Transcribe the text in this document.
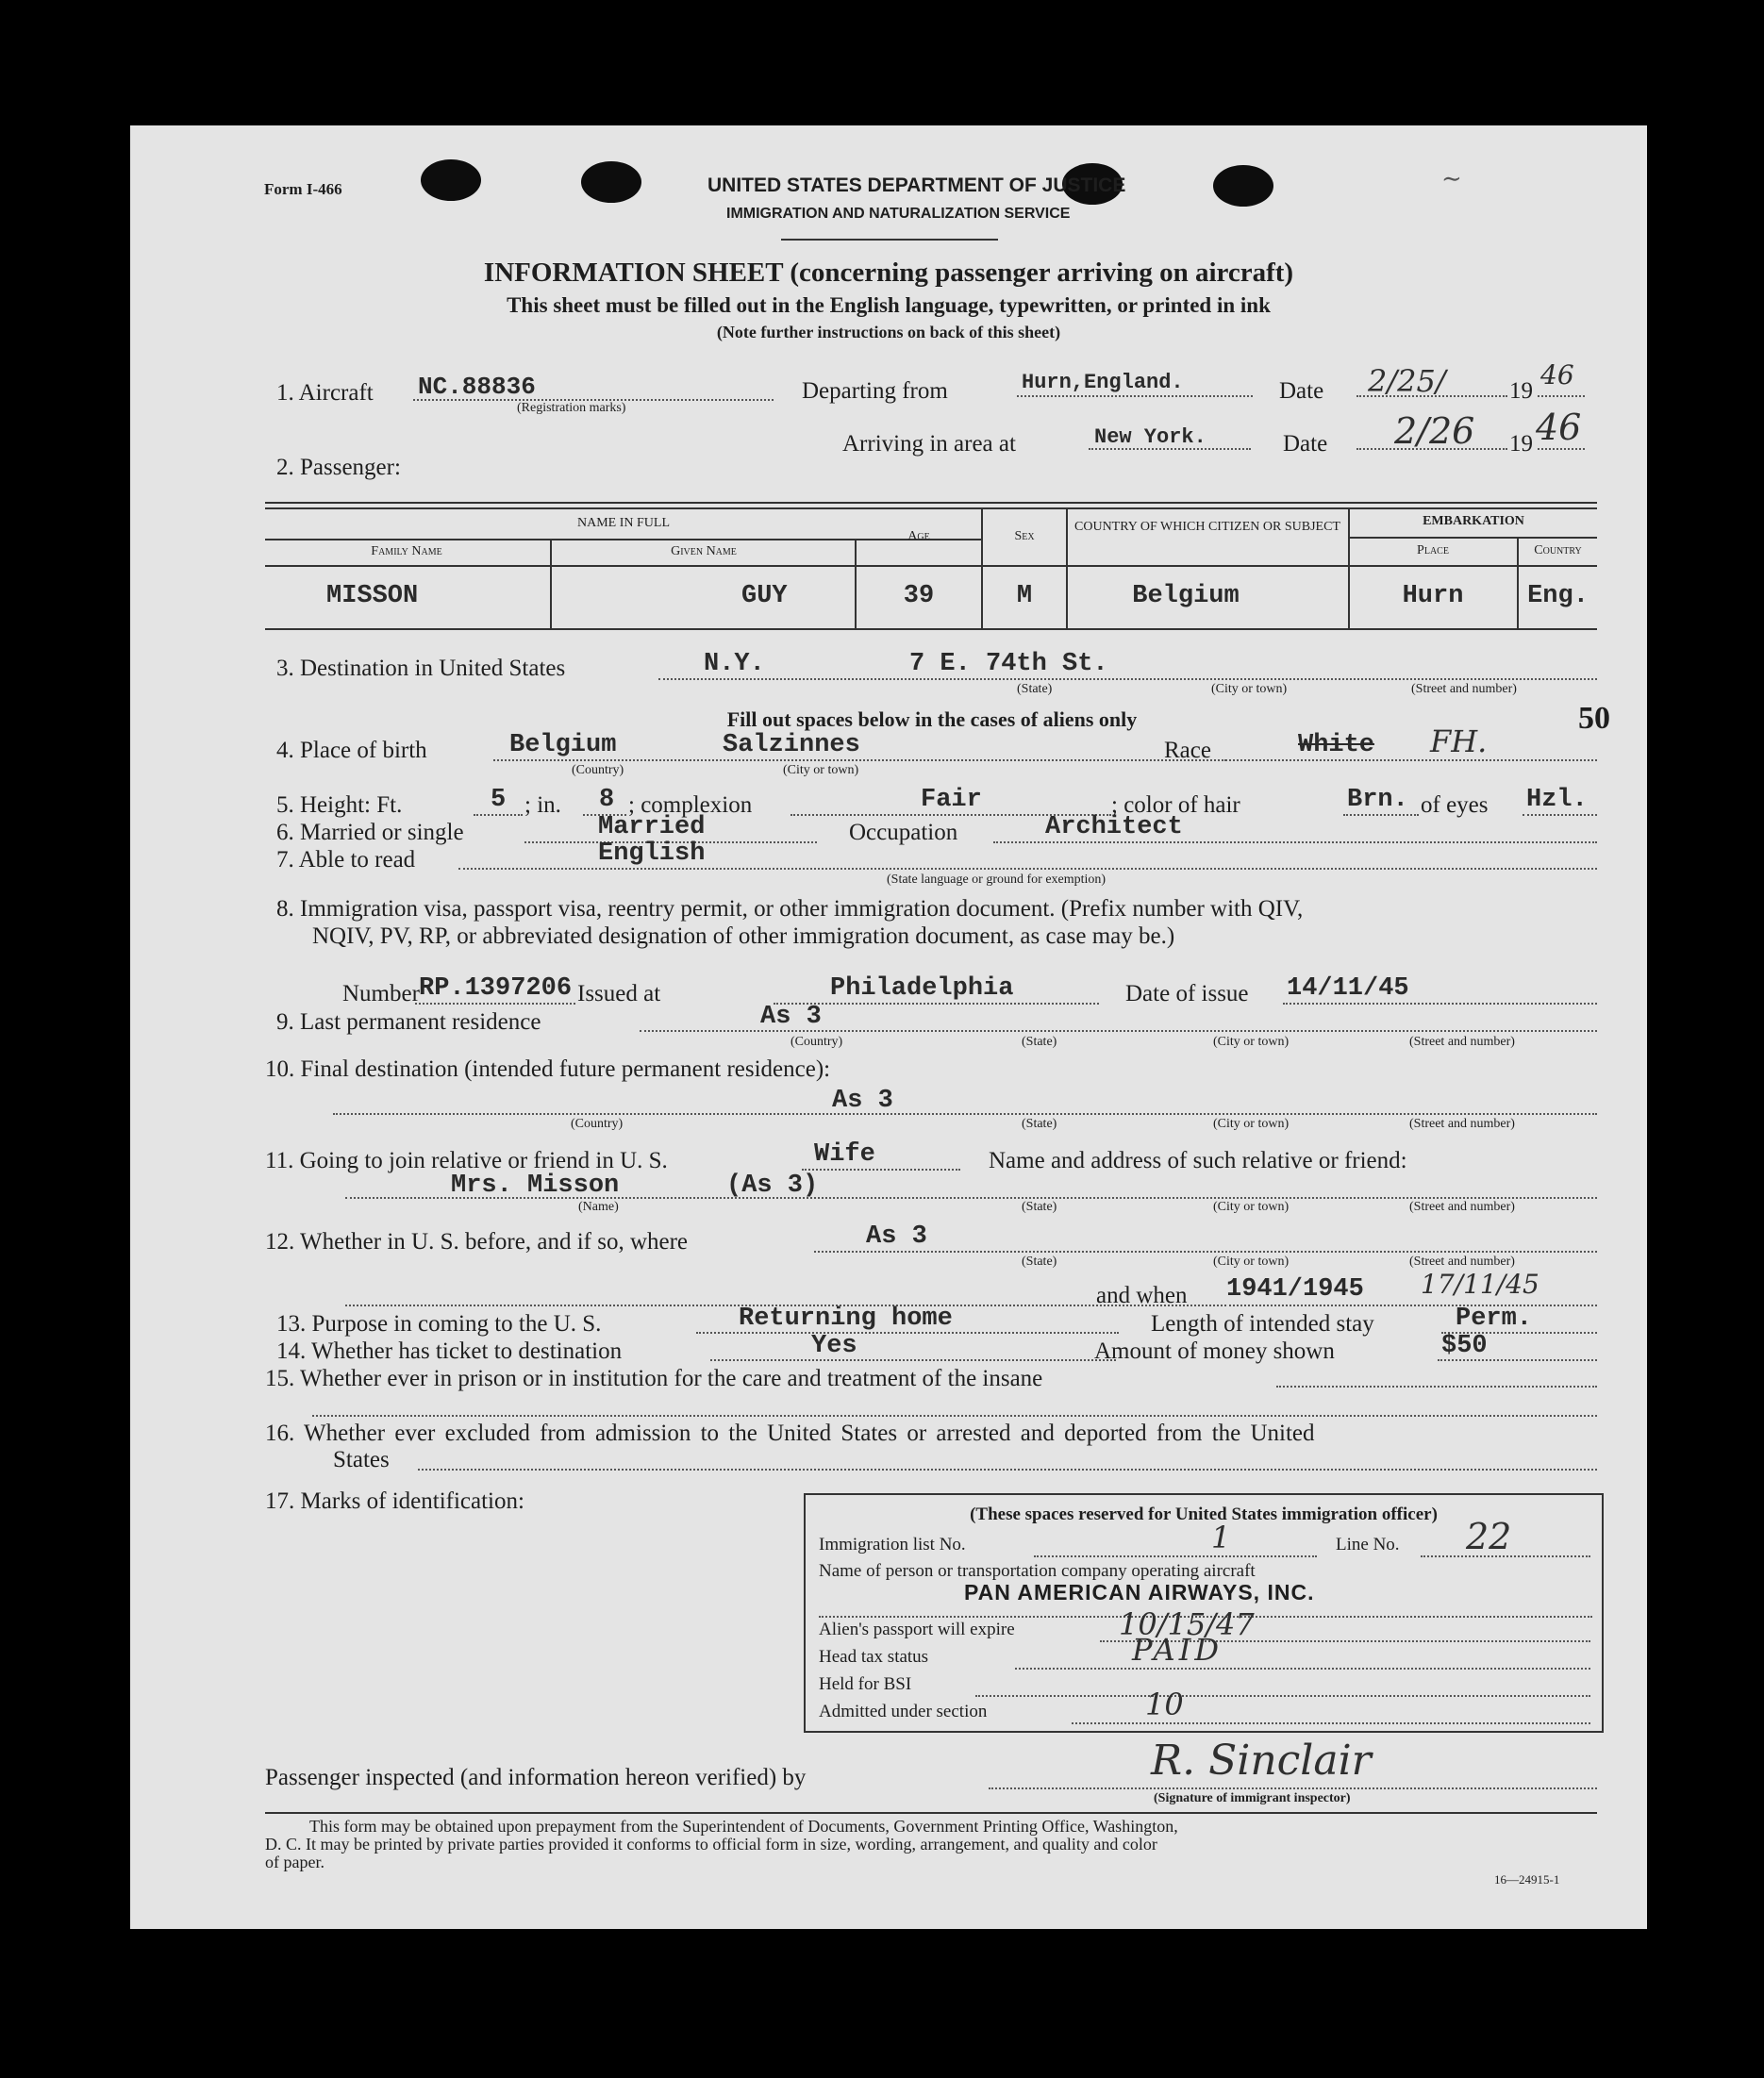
Form I-466	UNITED STATES DEPARTMENT OF JUSTICE
IMMIGRATION AND NATURALIZATION SERVICE
∼
INFORMATION SHEET (concerning passenger arriving on aircraft)
This sheet must be filled out in the English language, typewritten, or printed in ink
(Note further instructions on back of this sheet)
50
1. Aircraft NC.88836
(Registration marks)
Departing from	Hurn,England.	Date 2/25/	19
46
Arriving in area at	New York.	Date 2/26 19 46
2. Passenger:
NAME IN FULL
Family Name	Given Name
Age	Sex
COUNTRY OF WHICH CITIZEN OR SUBJECT	EMBARKATION
Place	Country
MISSON	GUY	39	M	Belgium	Hurn	Eng.
3. Destination in United States	N.Y.	7 E. 74th St.
(State)	(City or town)	(Street and number)
Fill out spaces below in the cases of aliens only
4. Place of birth	Belgium	Salzinnes
(Country)	(City or town)
Race	White FH.
5. Height: Ft.	5 ; in. 8 ; complexion	Fair	; color of hair	Brn. of eyes Hzl.
6. Married or single	Married	Occupation	Architect
7. Able to read	English
(State language or ground for exemption)
8. Immigration visa, passport visa, reentry permit, or other immigration document. (Prefix number with QIV,
NQIV, PV, RP, or abbreviated designation of other immigration document, as case may be.)
Number RP.1397206 Issued at	Philadelphia	Date of issue 14/11/45
9. Last permanent residence	As 3
(Country)	(State)	(City or town)	(Street and number)
10. Final destination (intended future permanent residence):
As 3
(Country)	(State)	(City or town)	(Street and number)
11. Going to join relative or friend in U. S.	Wife	Name and address of such relative or friend:
Mrs. Misson	(As 3)
(Name)	(State)	(City or town)	(Street and number)
12. Whether in U. S. before, and if so, where	As 3
(State)	(City or town)	(Street and number)
and when 1941/1945 17/11/45
13. Purpose in coming to the U. S.	Returning home	Length of intended stay	Perm.
14. Whether has ticket to destination	Yes	Amount of money shown	$50
15. Whether ever in prison or in institution for the care and treatment of the insane
16. Whether ever excluded from admission to the United States or arrested and deported from the United
States
17. Marks of identification:
(These spaces reserved for United States immigration officer)
Immigration list No.	1	Line No. 22
Name of person or transportation company operating aircraft
PAN AMERICAN AIRWAYS, INC.
Alien's passport will expire	10/15/47
Head tax status	PAID
Held for BSI
Admitted under section	10
Passenger inspected (and information hereon verified) by	R. Sinclair
(Signature of immigrant inspector)
This form may be obtained upon prepayment from the Superintendent of Documents, Government Printing Office, Washington,
D. C. It may be printed by private parties provided it conforms to official form in size, wording, arrangement, and quality and color
of paper.
16—24915-1
